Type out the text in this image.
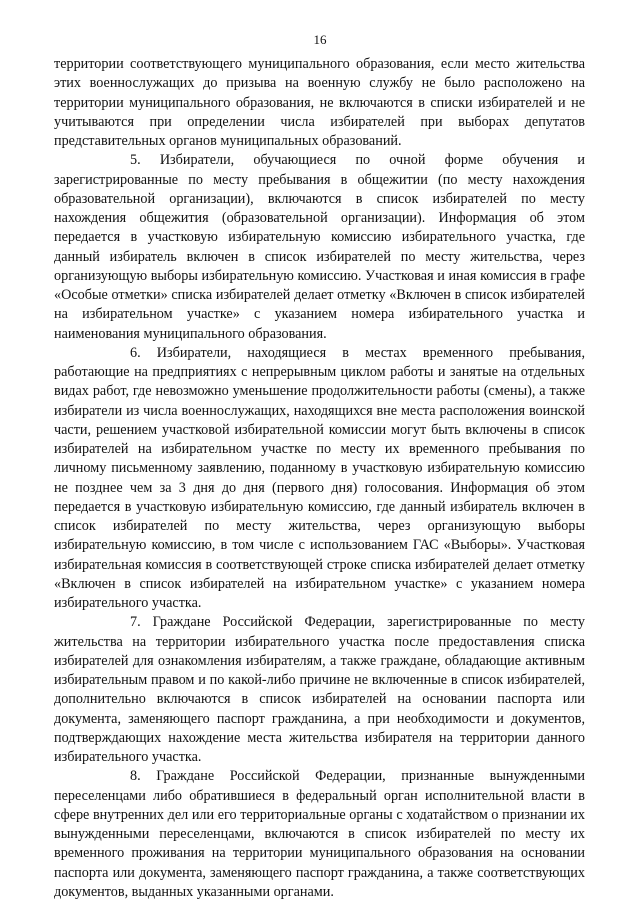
16

территории соответствующего муниципального образования, если место жительства этих военнослужащих до призыва на военную службу не было расположено на территории муниципального образования, не включаются в списки избирателей и не учитываются при определении числа избирателей при выборах депутатов представительных органов муниципальных образований.

5. Избиратели, обучающиеся по очной форме обучения и зарегистрированные по месту пребывания в общежитии (по месту нахождения образовательной организации), включаются в список избирателей по месту нахождения общежития (образовательной организации). Информация об этом передается в участковую избирательную комиссию избирательного участка, где данный избиратель включен в список избирателей по месту жительства, через организующую выборы избирательную комиссию. Участковая и иная комиссия в графе «Особые отметки» списка избирателей делает отметку «Включен в список избирателей на избирательном участке» с указанием номера избирательного участка и наименования муниципального образования.

6. Избиратели, находящиеся в местах временного пребывания, работающие на предприятиях с непрерывным циклом работы и занятые на отдельных видах работ, где невозможно уменьшение продолжительности работы (смены), а также избиратели из числа военнослужащих, находящихся вне места расположения воинской части, решением участковой избирательной комиссии могут быть включены в список избирателей на избирательном участке по месту их временного пребывания по личному письменному заявлению, поданному в участковую избирательную комиссию не позднее чем за 3 дня до дня (первого дня) голосования. Информация об этом передается в участковую избирательную комиссию, где данный избиратель включен в список избирателей по месту жительства, через организующую выборы избирательную комиссию, в том числе с использованием ГАС «Выборы». Участковая избирательная комиссия в соответствующей строке списка избирателей делает отметку «Включен в список избирателей на избирательном участке» с указанием номера избирательного участка.

7. Граждане Российской Федерации, зарегистрированные по месту жительства на территории избирательного участка после предоставления списка избирателей для ознакомления избирателям, а также граждане, обладающие активным избирательным правом и по какой-либо причине не включенные в список избирателей, дополнительно включаются в список избирателей на основании паспорта или документа, заменяющего паспорт гражданина, а при необходимости и документов, подтверждающих нахождение места жительства избирателя на территории данного избирательного участка.

8. Граждане Российской Федерации, признанные вынужденными переселенцами либо обратившиеся в федеральный орган исполнительной власти в сфере внутренних дел или его территориальные органы с ходатайством о признании их вынужденными переселенцами, включаются в список избирателей по месту их временного проживания на территории муниципального образования на основании паспорта или документа, заменяющего паспорт гражданина, а также соответствующих документов, выданных указанными органами.
